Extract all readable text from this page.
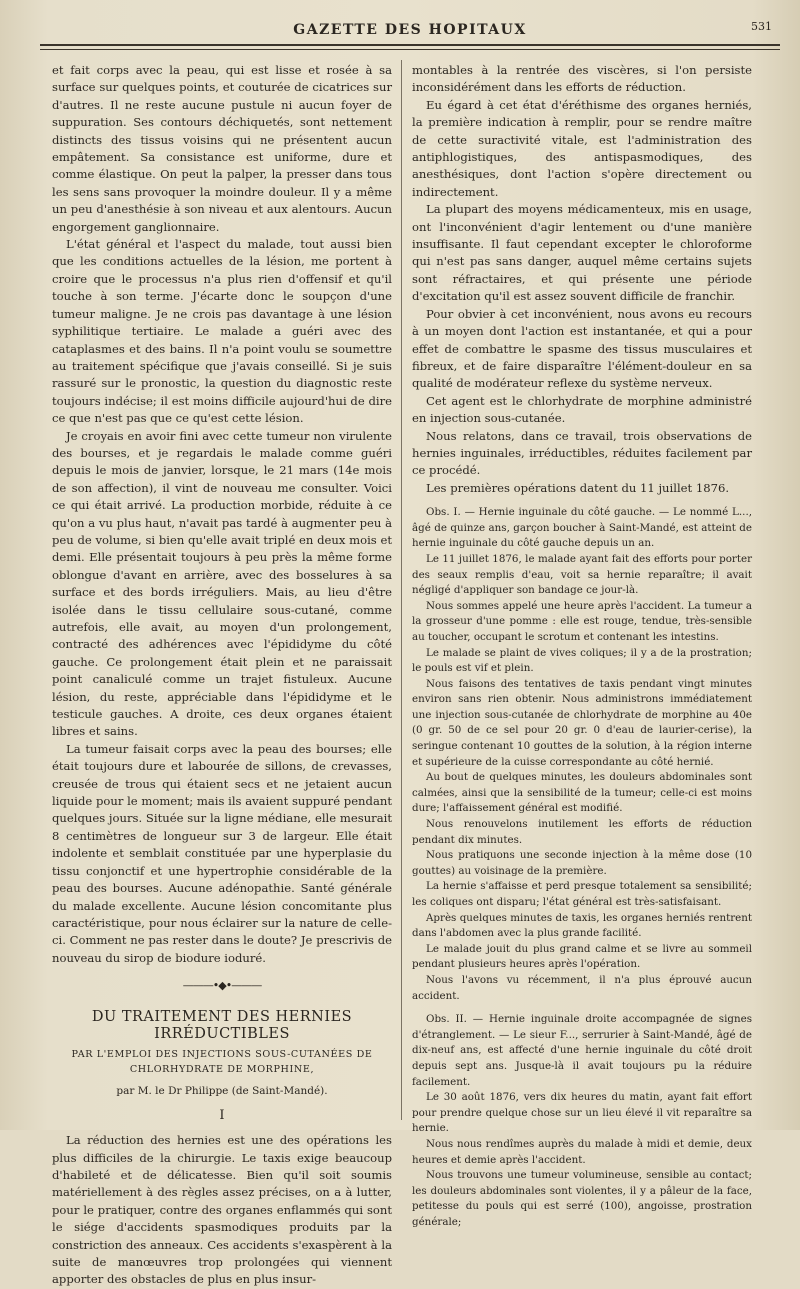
GAZETTE DES HOPITAUX	531

et fait corps avec la peau, qui est lisse et rosée à sa surface sur quelques points, et couturée de cicatrices sur d'autres. Il ne reste aucune pustule ni aucun foyer de suppuration. Ses contours déchiquetés, sont nettement distincts des tissus voisins qui ne présentent aucun empâtement. Sa consistance est uniforme, dure et comme élastique. On peut la palper, la presser dans tous les sens sans provoquer la moindre douleur. Il y a même un peu d'anesthésie à son niveau et aux alentours. Aucun engorgement ganglionnaire.

L'état général et l'aspect du malade, tout aussi bien que les conditions actuelles de la lésion, me portent à croire que le processus n'a plus rien d'offensif et qu'il touche à son terme. J'écarte donc le soupçon d'une tumeur maligne. Je ne crois pas davantage à une lésion syphilitique tertiaire. Le malade a guéri avec des cataplasmes et des bains. Il n'a point voulu se soumettre au traitement spécifique que j'avais conseillé. Si je suis rassuré sur le pronostic, la question du diagnostic reste toujours indécise; il est moins difficile aujourd'hui de dire ce que n'est pas que ce qu'est cette lésion.

Je croyais en avoir fini avec cette tumeur non virulente des bourses, et je regardais le malade comme guéri depuis le mois de janvier, lorsque, le 21 mars (14e mois de son affection), il vint de nouveau me consulter. Voici ce qui était arrivé. La production morbide, réduite à ce qu'on a vu plus haut, n'avait pas tardé à augmenter peu à peu de volume, si bien qu'elle avait triplé en deux mois et demi. Elle présentait toujours à peu près la même forme oblongue d'avant en arrière, avec des bosselures à sa surface et des bords irréguliers. Mais, au lieu d'être isolée dans le tissu cellulaire sous-cutané, comme autrefois, elle avait, au moyen d'un prolongement, contracté des adhérences avec l'épididyme du côté gauche. Ce prolongement était plein et ne paraissait point canaliculé comme un trajet fistuleux. Aucune lésion, du reste, appréciable dans l'épididyme et le testicule gauches. A droite, ces deux organes étaient libres et sains.

La tumeur faisait corps avec la peau des bourses; elle était toujours dure et labourée de sillons, de crevasses, creusée de trous qui étaient secs et ne jetaient aucun liquide pour le moment; mais ils avaient suppuré pendant quelques jours. Située sur la ligne médiane, elle mesurait 8 centimètres de longueur sur 3 de largeur. Elle était indolente et semblait constituée par une hyperplasie du tissu conjonctif et une hypertrophie considérable de la peau des bourses. Aucune adénopathie. Santé générale du malade excellente. Aucune lésion concomitante plus caractéristique, pour nous éclairer sur la nature de celle-ci. Comment ne pas rester dans le doute? Je prescrivis de nouveau du sirop de biodure ioduré.

———•◆•———
DU TRAITEMENT DES HERNIES IRRÉDUCTIBLES
PAR L'EMPLOI DES INJECTIONS SOUS-CUTANÉES DE CHLORHYDRATE DE MORPHINE,
par M. le Dr Philippe (de Saint-Mandé).
I

La réduction des hernies est une des opérations les plus difficiles de la chirurgie. Le taxis exige beaucoup d'habileté et de délicatesse. Bien qu'il soit soumis matériellement à des règles assez précises, on a à lutter, pour le pratiquer, contre des organes enflammés qui sont le siége d'accidents spasmodiques produits par la constriction des anneaux. Ces accidents s'exaspèrent à la suite de manœuvres trop prolongées qui viennent apporter des obstacles de plus en plus insur-

montables à la rentrée des viscères, si l'on persiste inconsidérément dans les efforts de réduction.

Eu égard à cet état d'éréthisme des organes herniés, la première indication à remplir, pour se rendre maître de cette suractivité vitale, est l'administration des antiphlogistiques, des antispasmodiques, des anesthésiques, dont l'action s'opère directement ou indirectement.

La plupart des moyens médicamenteux, mis en usage, ont l'inconvénient d'agir lentement ou d'une manière insuffisante. Il faut cependant excepter le chloroforme qui n'est pas sans danger, auquel même certains sujets sont réfractaires, et qui présente une période d'excitation qu'il est assez souvent difficile de franchir.

Pour obvier à cet inconvénient, nous avons eu recours à un moyen dont l'action est instantanée, et qui a pour effet de combattre le spasme des tissus musculaires et fibreux, et de faire disparaître l'élément-douleur en sa qualité de modérateur reflexe du système nerveux.

Cet agent est le chlorhydrate de morphine administré en injection sous-cutanée.

Nous relatons, dans ce travail, trois observations de hernies inguinales, irréductibles, réduites facilement par ce procédé.

Les premières opérations datent du 11 juillet 1876.

Obs. I. — Hernie inguinale du côté gauche. — Le nommé L..., âgé de quinze ans, garçon boucher à Saint-Mandé, est atteint de hernie inguinale du côté gauche depuis un an.

Le 11 juillet 1876, le malade ayant fait des efforts pour porter des seaux remplis d'eau, voit sa hernie reparaître; il avait négligé d'appliquer son bandage ce jour-là.

Nous sommes appelé une heure après l'accident. La tumeur a la grosseur d'une pomme : elle est rouge, tendue, très-sensible au toucher, occupant le scrotum et contenant les intestins.

Le malade se plaint de vives coliques; il y a de la prostration; le pouls est vif et plein.

Nous faisons des tentatives de taxis pendant vingt minutes environ sans rien obtenir. Nous administrons immédiatement une injection sous-cutanée de chlorhydrate de morphine au 40e (0 gr. 50 de ce sel pour 20 gr. 0 d'eau de laurier-cerise), la seringue contenant 10 gouttes de la solution, à la région interne et supérieure de la cuisse correspondante au côté hernié.

Au bout de quelques minutes, les douleurs abdominales sont calmées, ainsi que la sensibilité de la tumeur; celle-ci est moins dure; l'affaissement général est modifié.

Nous renouvelons inutilement les efforts de réduction pendant dix minutes.

Nous pratiquons une seconde injection à la même dose (10 gouttes) au voisinage de la première.

La hernie s'affaisse et perd presque totalement sa sensibilité; les coliques ont disparu; l'état général est très-satisfaisant.

Après quelques minutes de taxis, les organes herniés rentrent dans l'abdomen avec la plus grande facilité.

Le malade jouit du plus grand calme et se livre au sommeil pendant plusieurs heures après l'opération.

Nous l'avons vu récemment, il n'a plus éprouvé aucun accident.

Obs. II. — Hernie inguinale droite accompagnée de signes d'étranglement. — Le sieur F..., serrurier à Saint-Mandé, âgé de dix-neuf ans, est affecté d'une hernie inguinale du côté droit depuis sept ans. Jusque-là il avait toujours pu la réduire facilement.

Le 30 août 1876, vers dix heures du matin, ayant fait effort pour prendre quelque chose sur un lieu élevé il vit reparaître sa hernie.

Nous nous rendîmes auprès du malade à midi et demie, deux heures et demie après l'accident.

Nous trouvons une tumeur volumineuse, sensible au contact; les douleurs abdominales sont violentes, il y a pâleur de la face, petitesse du pouls qui est serré (100), angoisse, prostration générale;
